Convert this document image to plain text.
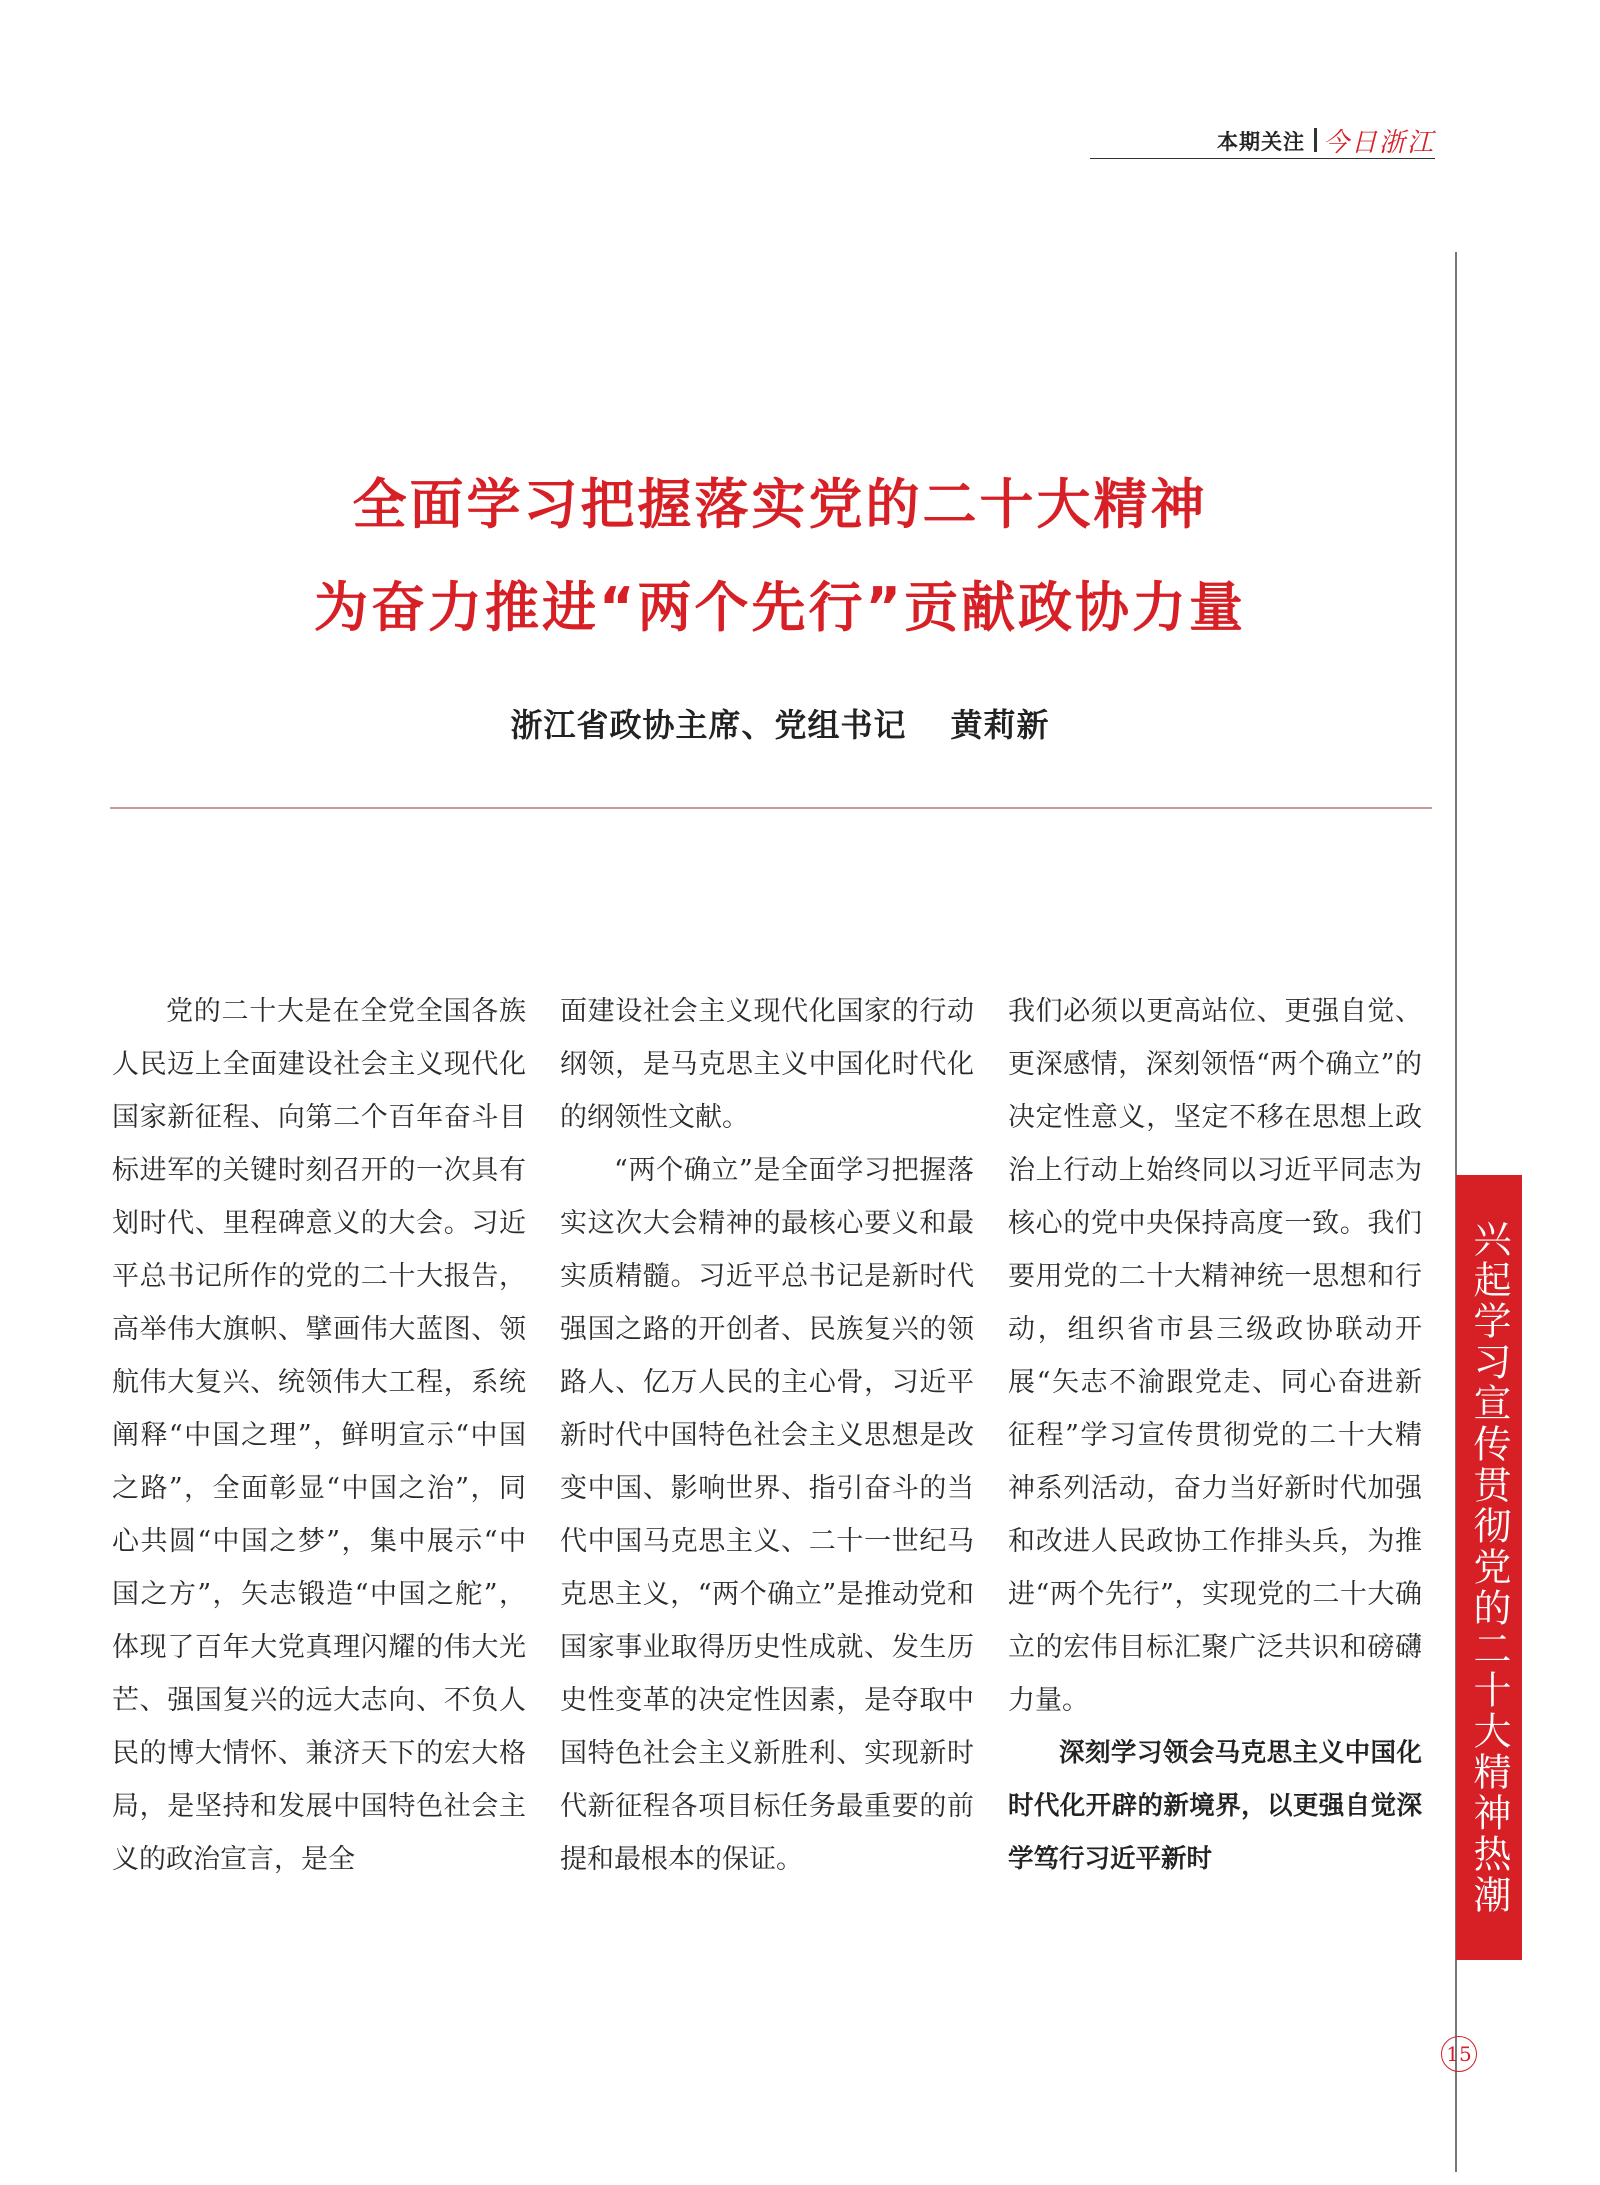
本期关注 今日浙江
全面学习把握落实党的二十大精神
为奋力推进“两个先行”贡献政协力量
浙江省政协主席、党组书记 黄莉新

党的二十大是在全党全国各族人民迈上全面建设社会主义现代化国家新征程、向第二个百年奋斗目标进军的关键时刻召开的一次具有划时代、里程碑意义的大会。习近平总书记所作的党的二十大报告，高举伟大旗帜、擘画伟大蓝图、领航伟大复兴、统领伟大工程，系统阐释“中国之理”，鲜明宣示“中国之路”，全面彰显“中国之治”，同心共圆“中国之梦”，集中展示“中国之方”，矢志锻造“中国之舵”，体现了百年大党真理闪耀的伟大光芒、强国复兴的远大志向、不负人民的博大情怀、兼济天下的宏大格局，是坚持和发展中国特色社会主义的政治宣言，是全

面建设社会主义现代化国家的行动纲领，是马克思主义中国化时代化的纲领性文献。

“两个确立”是全面学习把握落实这次大会精神的最核心要义和最实质精髓。习近平总书记是新时代强国之路的开创者、民族复兴的领路人、亿万人民的主心骨，习近平新时代中国特色社会主义思想是改变中国、影响世界、指引奋斗的当代中国马克思主义、二十一世纪马克思主义，“两个确立”是推动党和国家事业取得历史性成就、发生历史性变革的决定性因素，是夺取中国特色社会主义新胜利、实现新时代新征程各项目标任务最重要的前提和最根本的保证。

我们必须以更高站位、更强自觉、更深感情，深刻领悟“两个确立”的决定性意义，坚定不移在思想上政治上行动上始终同以习近平同志为核心的党中央保持高度一致。我们要用党的二十大精神统一思想和行动，组织省市县三级政协联动开展“矢志不渝跟党走、同心奋进新征程”学习宣传贯彻党的二十大精神系列活动，奋力当好新时代加强和改进人民政协工作排头兵，为推进“两个先行”，实现党的二十大确立的宏伟目标汇聚广泛共识和磅礴力量。

深刻学习领会马克思主义中国化时代化开辟的新境界，以更强自觉深学笃行习近平新时	兴起学习宣传贯彻党的二十大精神热潮
15
